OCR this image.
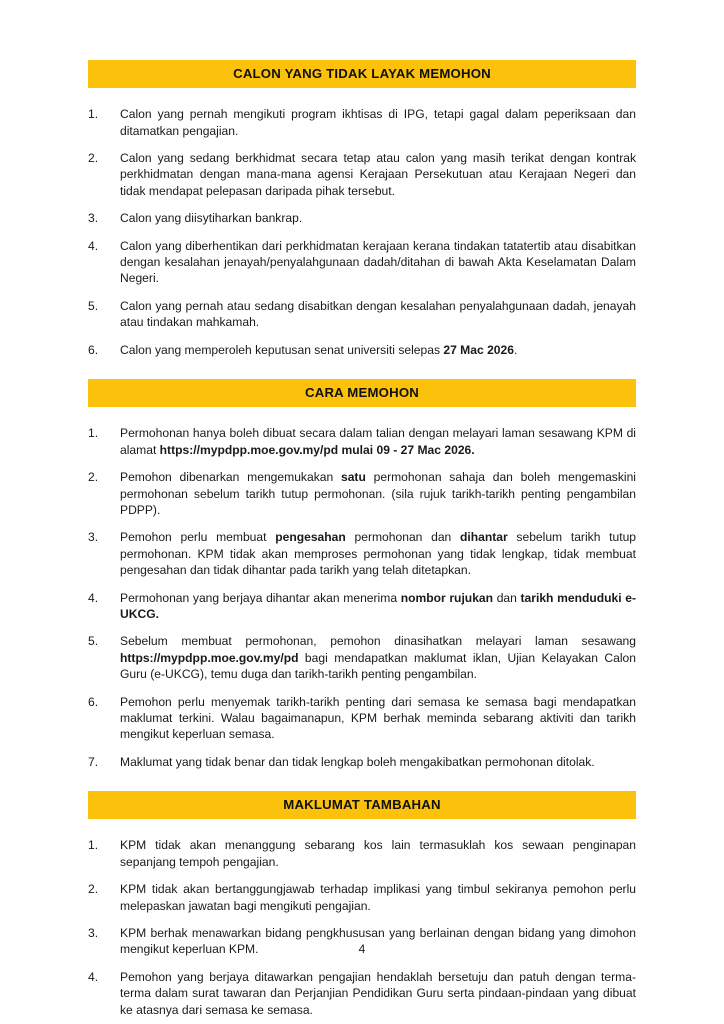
CALON YANG TIDAK LAYAK MEMOHON
1.	Calon yang pernah mengikuti program ikhtisas di IPG, tetapi gagal dalam peperiksaan dan ditamatkan pengajian.
2.	Calon yang sedang berkhidmat secara tetap atau calon yang masih terikat dengan kontrak perkhidmatan dengan mana-mana agensi Kerajaan Persekutuan atau Kerajaan Negeri dan tidak mendapat pelepasan daripada pihak tersebut.
3.	Calon yang diisytiharkan bankrap.
4.	Calon yang diberhentikan dari perkhidmatan kerajaan kerana tindakan tatatertib atau disabitkan dengan kesalahan jenayah/penyalahgunaan dadah/ditahan di bawah Akta Keselamatan Dalam Negeri.
5.	Calon yang pernah atau sedang disabitkan dengan kesalahan penyalahgunaan dadah, jenayah atau tindakan mahkamah.
6.	Calon yang memperoleh keputusan senat universiti selepas 27 Mac 2026.
CARA MEMOHON
1.	Permohonan hanya boleh dibuat secara dalam talian dengan melayari laman sesawang KPM di alamat https://mypdpp.moe.gov.my/pd mulai 09 - 27 Mac 2026.
2.	Pemohon dibenarkan mengemukakan satu permohonan sahaja dan boleh mengemaskini permohonan sebelum tarikh tutup permohonan. (sila rujuk tarikh-tarikh penting pengambilan PDPP).
3.	Pemohon perlu membuat pengesahan permohonan dan dihantar sebelum tarikh tutup permohonan. KPM tidak akan memproses permohonan yang tidak lengkap, tidak membuat pengesahan dan tidak dihantar pada tarikh yang telah ditetapkan.
4.	Permohonan yang berjaya dihantar akan menerima nombor rujukan dan tarikh menduduki e-UKCG.
5.	Sebelum membuat permohonan, pemohon dinasihatkan melayari laman sesawang https://mypdpp.moe.gov.my/pd bagi mendapatkan maklumat iklan, Ujian Kelayakan Calon Guru (e-UKCG), temu duga dan tarikh-tarikh penting pengambilan.
6.	Pemohon perlu menyemak tarikh-tarikh penting dari semasa ke semasa bagi mendapatkan maklumat terkini. Walau bagaimanapun, KPM berhak meminda sebarang aktiviti dan tarikh mengikut keperluan semasa.
7.	Maklumat yang tidak benar dan tidak lengkap boleh mengakibatkan permohonan ditolak.
MAKLUMAT TAMBAHAN
1.	KPM tidak akan menanggung sebarang kos lain termasuklah kos sewaan penginapan sepanjang tempoh pengajian.
2.	KPM tidak akan bertanggungjawab terhadap implikasi yang timbul sekiranya pemohon perlu melepaskan jawatan bagi mengikuti pengajian.
3.	KPM berhak menawarkan bidang pengkhususan yang berlainan dengan bidang yang dimohon mengikut keperluan KPM.
4.	Pemohon yang berjaya ditawarkan pengajian hendaklah bersetuju dan patuh dengan terma-terma dalam surat tawaran dan Perjanjian Pendidikan Guru serta pindaan-pindaan yang dibuat ke atasnya dari semasa ke semasa.
4
